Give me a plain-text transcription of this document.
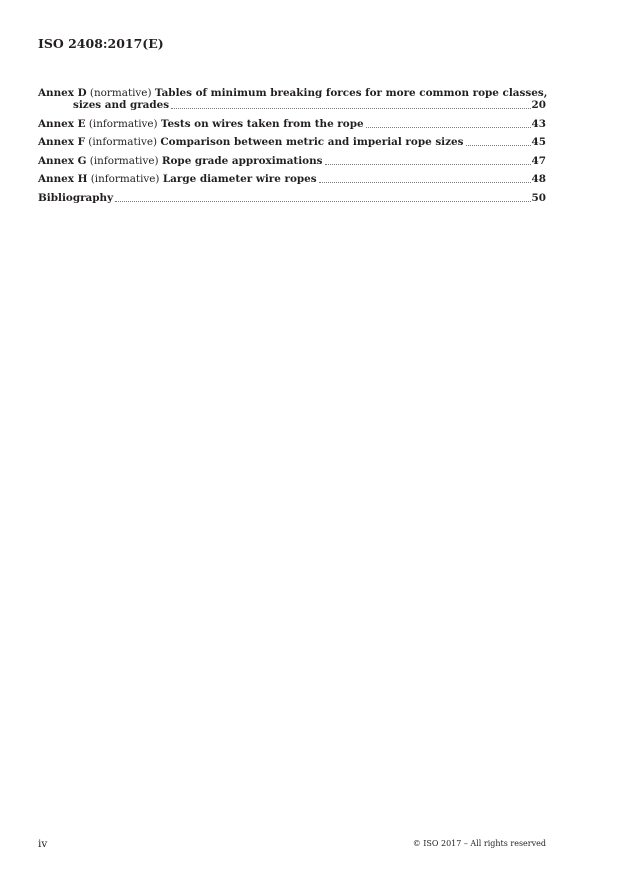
ISO 2408:2017(E)
Annex D (normative) Tables of minimum breaking forces for more common rope classes,
sizes and grades	20
Annex E (informative) Tests on wires taken from the rope	43
Annex F (informative) Comparison between metric and imperial rope sizes	45
Annex G (informative) Rope grade approximations	47
Annex H (informative) Large diameter wire ropes	48
Bibliography	50
iv	© ISO 2017 – All rights reserved
